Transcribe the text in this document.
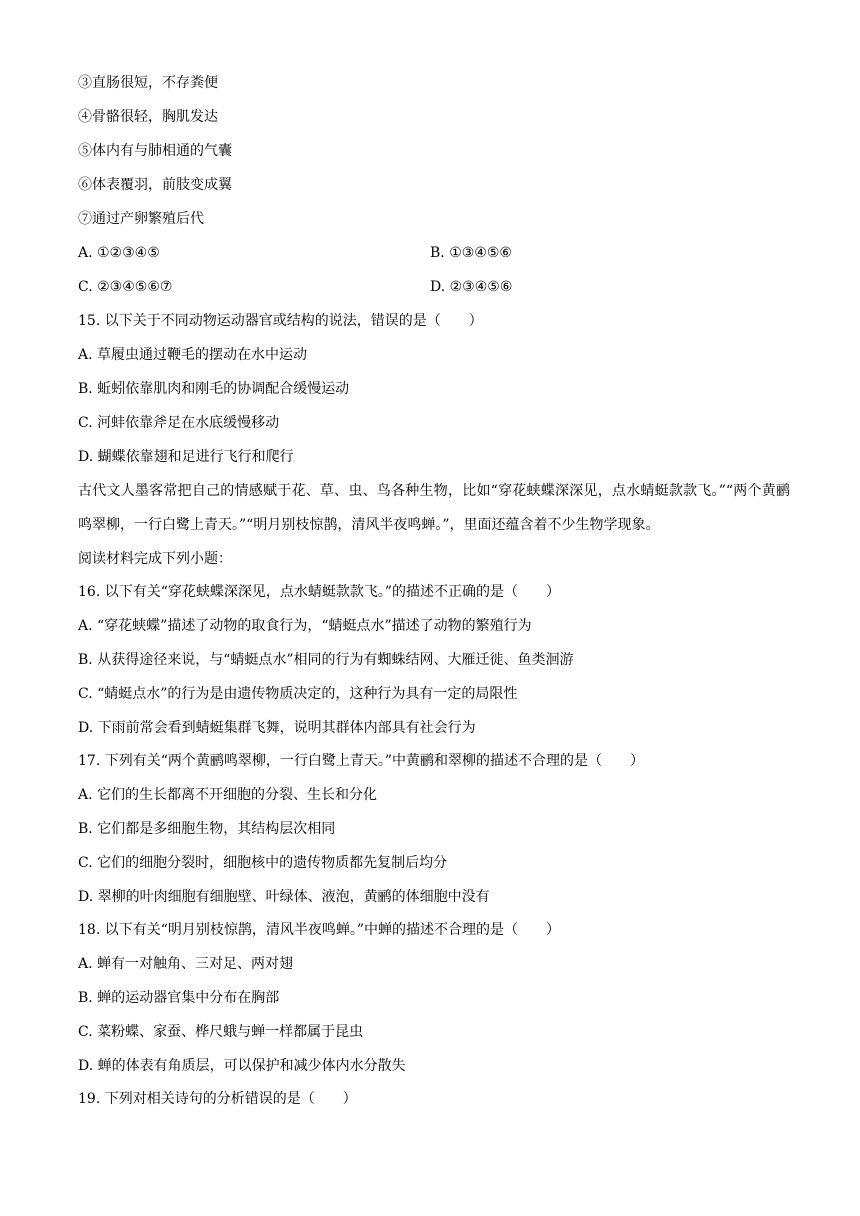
③直肠很短，不存粪便
④骨骼很轻，胸肌发达
⑤体内有与肺相通的气囊
⑥体表覆羽，前肢变成翼
⑦通过产卵繁殖后代
A. ①②③④⑤	B. ①③④⑤⑥
C. ②③④⑤⑥⑦	D. ②③④⑤⑥
15. 以下关于不同动物运动器官或结构的说法，错误的是（　　）
A. 草履虫通过鞭毛的摆动在水中运动
B. 蚯蚓依靠肌肉和刚毛的协调配合缓慢运动
C. 河蚌依靠斧足在水底缓慢移动
D. 蝴蝶依靠翅和足进行飞行和爬行
古代文人墨客常把自己的情感赋于花、草、虫、鸟各种生物，比如“穿花蛱蝶深深见，点水蜻蜓款款飞。”“两个黄鹂鸣翠柳，一行白鹭上青天。”“明月别枝惊鹊，清风半夜鸣蝉。”，里面还蕴含着不少生物学现象。
阅读材料完成下列小题：
16. 以下有关“穿花蛱蝶深深见，点水蜻蜓款款飞。”的描述不正确的是（　　）
A. “穿花蛱蝶”描述了动物的取食行为，“蜻蜓点水”描述了动物的繁殖行为
B. 从获得途径来说，与“蜻蜓点水”相同的行为有蜘蛛结网、大雁迁徙、鱼类洄游
C. “蜻蜓点水”的行为是由遗传物质决定的，这种行为具有一定的局限性
D. 下雨前常会看到蜻蜓集群飞舞，说明其群体内部具有社会行为
17. 下列有关“两个黄鹂鸣翠柳，一行白鹭上青天。”中黄鹂和翠柳的描述不合理的是（　　）
A. 它们的生长都离不开细胞的分裂、生长和分化
B. 它们都是多细胞生物，其结构层次相同
C. 它们的细胞分裂时，细胞核中的遗传物质都先复制后均分
D. 翠柳的叶肉细胞有细胞壁、叶绿体、液泡，黄鹂的体细胞中没有
18. 以下有关“明月别枝惊鹊，清风半夜鸣蝉。”中蝉的描述不合理的是（　　）
A. 蝉有一对触角、三对足、两对翅
B. 蝉的运动器官集中分布在胸部
C. 菜粉蝶、家蚕、桦尺蛾与蝉一样都属于昆虫
D. 蝉的体表有角质层，可以保护和减少体内水分散失
19. 下列对相关诗句的分析错误的是（　　）
